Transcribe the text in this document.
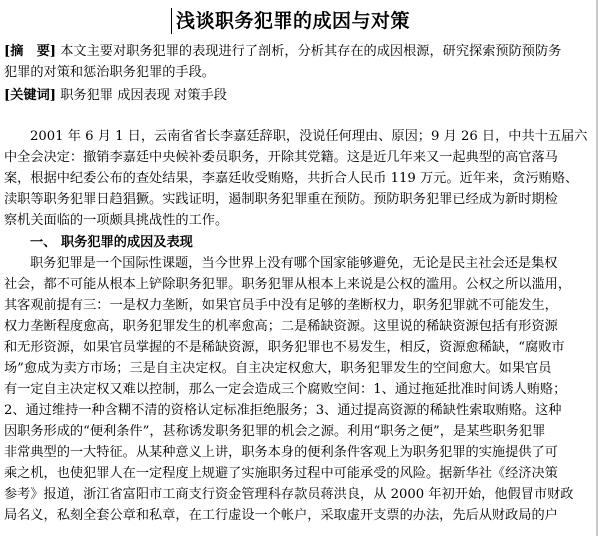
浅谈职务犯罪的成因与对策
[摘　要] 本文主要对职务犯罪的表现进行了剖析，分析其存在的成因根源，研究探索预防预防务
犯罪的对策和惩治职务犯罪的手段。
[关键词] 职务犯罪 成因表现 对策手段
2001 年 6 月 1 日，云南省省长李嘉廷辞职，没说任何理由、原因；9 月 26 日，中共十五届六
中全会决定：撤销李嘉廷中央候补委员职务，开除其党籍。这是近几年来又一起典型的高官落马
案，根据中纪委公布的查处结果，李嘉廷收受贿赂，共折合人民币 119 万元。近年来，贪污贿赂、
渎职等职务犯罪日趋猖獗。实践证明，遏制职务犯罪重在预防。预防职务犯罪已经成为新时期检
察机关面临的一项颇具挑战性的工作。
一、 职务犯罪的成因及表现
职务犯罪是一个国际性课题，当今世界上没有哪个国家能够避免，无论是民主社会还是集权
社会，都不可能从根本上铲除职务犯罪。职务犯罪从根本上来说是公权的滥用。公权之所以滥用，
其客观前提有三：一是权力垄断，如果官员手中没有足够的垄断权力，职务犯罪就不可能发生，
权力垄断程度愈高，职务犯罪发生的机率愈高；二是稀缺资源。这里说的稀缺资源包括有形资源
和无形资源，如果官员掌握的不是稀缺资源，职务犯罪也不易发生，相反，资源愈稀缺，“腐败市
场”愈成为卖方市场；三是自主决定权。自主决定权愈大，职务犯罪发生的空间愈大。如果官员
有一定自主决定权又难以控制，那么一定会造成三个腐败空间：1、通过拖延批准时间诱人贿赂；
2、通过维持一种含糊不清的资格认定标准拒绝服务；3、通过提高资源的稀缺性索取贿赂。这种
因职务形成的“便利条件”，甚称诱发职务犯罪的机会之源。利用“职务之便”，是某些职务犯罪
非常典型的一大特征。从某种意义上讲，职务本身的便利条件客观上为职务犯罪的实施提供了可
乘之机，也使犯罪人在一定程度上规避了实施职务过程中可能承受的风险。据新华社《经济决策
参考》报道，浙江省富阳市工商支行资金管理科存款员蒋洪良，从 2000 年初开始，他假冒市财政
局名义，私刻全套公章和私章，在工行虚设一个帐户，采取虚开支票的办法，先后从财政局的户
